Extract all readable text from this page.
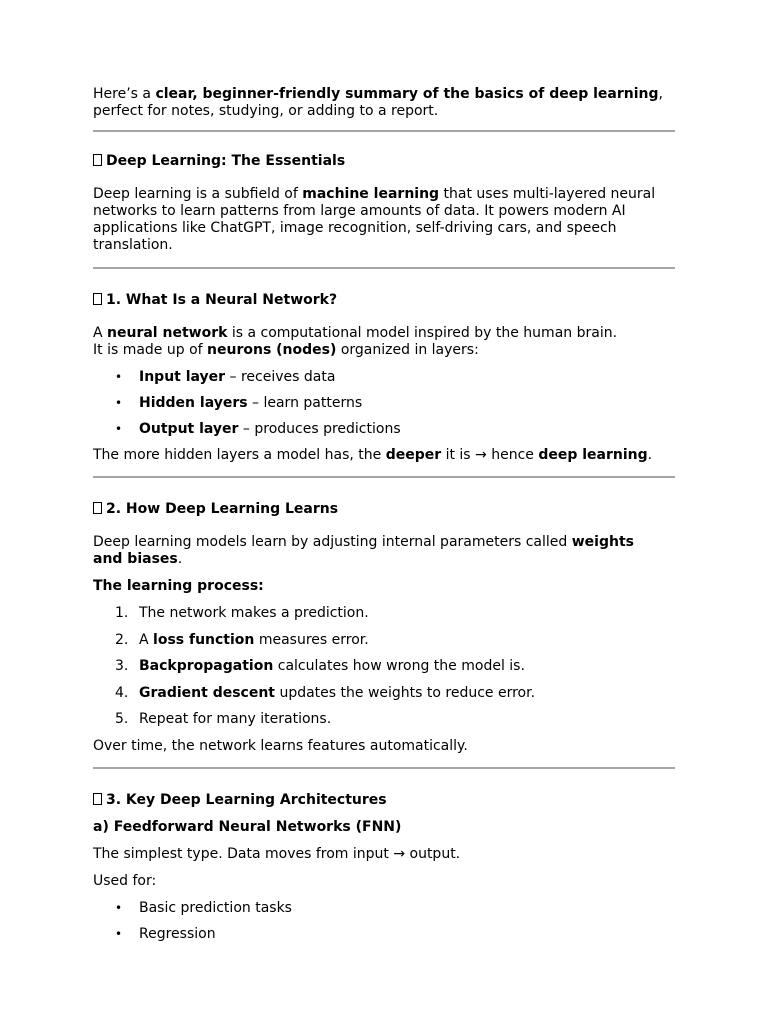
Here’s a clear, beginner-friendly summary of the basics of deep learning,
perfect for notes, studying, or adding to a report.

Deep Learning: The Essentials

Deep learning is a subfield of machine learning that uses multi-layered neural
networks to learn patterns from large amounts of data. It powers modern AI
applications like ChatGPT, image recognition, self-driving cars, and speech
translation.

1. What Is a Neural Network?

A neural network is a computational model inspired by the human brain.
It is made up of neurons (nodes) organized in layers:

• Input layer – receives data
• Hidden layers – learn patterns
• Output layer – produces predictions

The more hidden layers a model has, the deeper it is → hence deep learning.

2. How Deep Learning Learns

Deep learning models learn by adjusting internal parameters called weights
and biases.

The learning process:

1. The network makes a prediction.
2. A loss function measures error.
3. Backpropagation calculates how wrong the model is.
4. Gradient descent updates the weights to reduce error.
5. Repeat for many iterations.

Over time, the network learns features automatically.

3. Key Deep Learning Architectures

a) Feedforward Neural Networks (FNN)

The simplest type. Data moves from input → output.

Used for:

• Basic prediction tasks
• Regression
